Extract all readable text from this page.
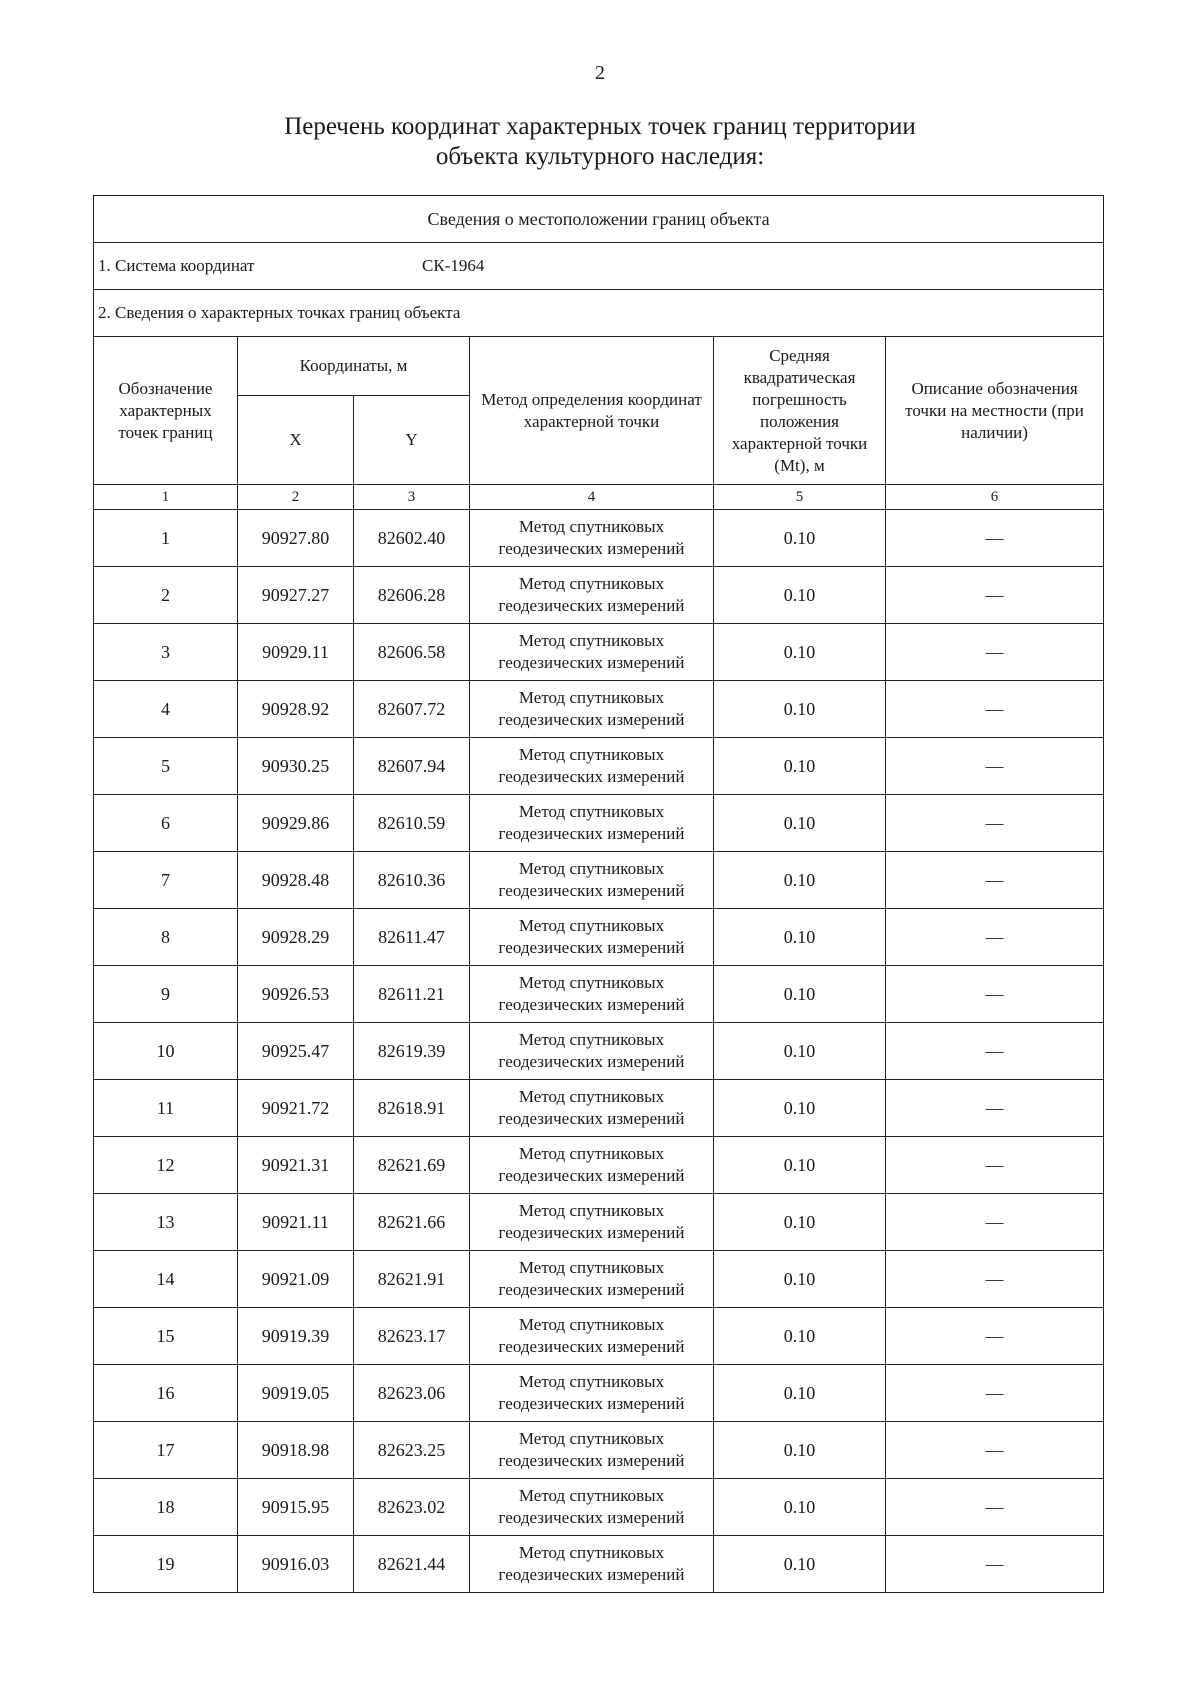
2
Перечень координат характерных точек границ территории
объекта культурного наследия:
Сведения о местоположении границ объекта					
1. Система координат СК-1964					
2. Сведения о характерных точках границ объекта					
Обозначение характерных точек границ	Координаты, м		Метод определения координат характерной точки	Средняя квадратическая погрешность положения характерной точки (Mt), м	Описание обозначения точки на местности (при наличии)
	X	Y			
1	2	3	4	5	6
1	90927.80	82602.40	Метод спутниковых геодезических измерений	0.10	—
2	90927.27	82606.28	Метод спутниковых геодезических измерений	0.10	—
3	90929.11	82606.58	Метод спутниковых геодезических измерений	0.10	—
4	90928.92	82607.72	Метод спутниковых геодезических измерений	0.10	—
5	90930.25	82607.94	Метод спутниковых геодезических измерений	0.10	—
6	90929.86	82610.59	Метод спутниковых геодезических измерений	0.10	—
7	90928.48	82610.36	Метод спутниковых геодезических измерений	0.10	—
8	90928.29	82611.47	Метод спутниковых геодезических измерений	0.10	—
9	90926.53	82611.21	Метод спутниковых геодезических измерений	0.10	—
10	90925.47	82619.39	Метод спутниковых геодезических измерений	0.10	—
11	90921.72	82618.91	Метод спутниковых геодезических измерений	0.10	—
12	90921.31	82621.69	Метод спутниковых геодезических измерений	0.10	—
13	90921.11	82621.66	Метод спутниковых геодезических измерений	0.10	—
14	90921.09	82621.91	Метод спутниковых геодезических измерений	0.10	—
15	90919.39	82623.17	Метод спутниковых геодезических измерений	0.10	—
16	90919.05	82623.06	Метод спутниковых геодезических измерений	0.10	—
17	90918.98	82623.25	Метод спутниковых геодезических измерений	0.10	—
18	90915.95	82623.02	Метод спутниковых геодезических измерений	0.10	—
19	90916.03	82621.44	Метод спутниковых геодезических измерений	0.10	—
